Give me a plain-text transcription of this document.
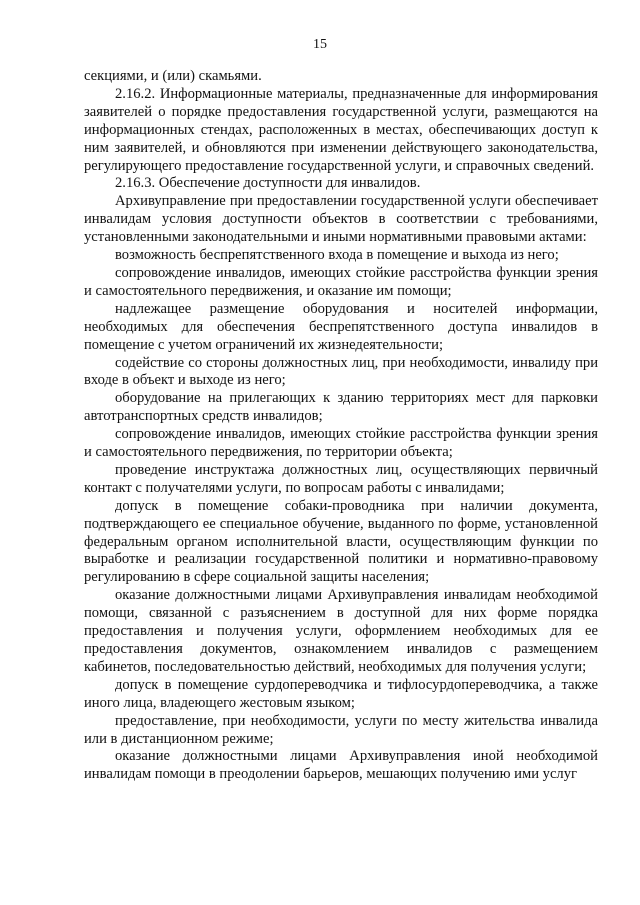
15

секциями, и (или) скамьями.

2.16.2. Информационные материалы, предназначенные для информирования заявителей о порядке предоставления государственной услуги, размещаются на информационных стендах, расположенных в местах, обеспечивающих доступ к ним заявителей, и обновляются при изменении действующего законодательства, регулирующего предоставление государственной услуги, и справочных сведений.

2.16.3. Обеспечение доступности для инвалидов.

Архивуправление при предоставлении государственной услуги обеспечивает инвалидам условия доступности объектов в соответствии с требованиями, установленными законодательными и иными нормативными правовыми актами:

возможность беспрепятственного входа в помещение и выхода из него;

сопровождение инвалидов, имеющих стойкие расстройства функции зрения и самостоятельного передвижения, и оказание им помощи;

надлежащее размещение оборудования и носителей информации, необходимых для обеспечения беспрепятственного доступа инвалидов в помещение с учетом ограничений их жизнедеятельности;

содействие со стороны должностных лиц, при необходимости, инвалиду при входе в объект и выходе из него;

оборудование на прилегающих к зданию территориях мест для парковки автотранспортных средств инвалидов;

сопровождение инвалидов, имеющих стойкие расстройства функции зрения и самостоятельного передвижения, по территории объекта;

проведение инструктажа должностных лиц, осуществляющих первичный контакт с получателями услуги, по вопросам работы с инвалидами;

допуск в помещение собаки-проводника при наличии документа, подтверждающего ее специальное обучение, выданного по форме, установленной федеральным органом исполнительной власти, осуществляющим функции по выработке и реализации государственной политики и нормативно-правовому регулированию в сфере социальной защиты населения;

оказание должностными лицами Архивуправления инвалидам необходимой помощи, связанной с разъяснением в доступной для них форме порядка предоставления и получения услуги, оформлением необходимых для ее предоставления документов, ознакомлением инвалидов с размещением кабинетов, последовательностью действий, необходимых для получения услуги;

допуск в помещение сурдопереводчика и тифлосурдопереводчика, а также иного лица, владеющего жестовым языком;

предоставление, при необходимости, услуги по месту жительства инвалида или в дистанционном режиме;

оказание должностными лицами Архивуправления иной необходимой инвалидам помощи в преодолении барьеров, мешающих получению ими услуг
